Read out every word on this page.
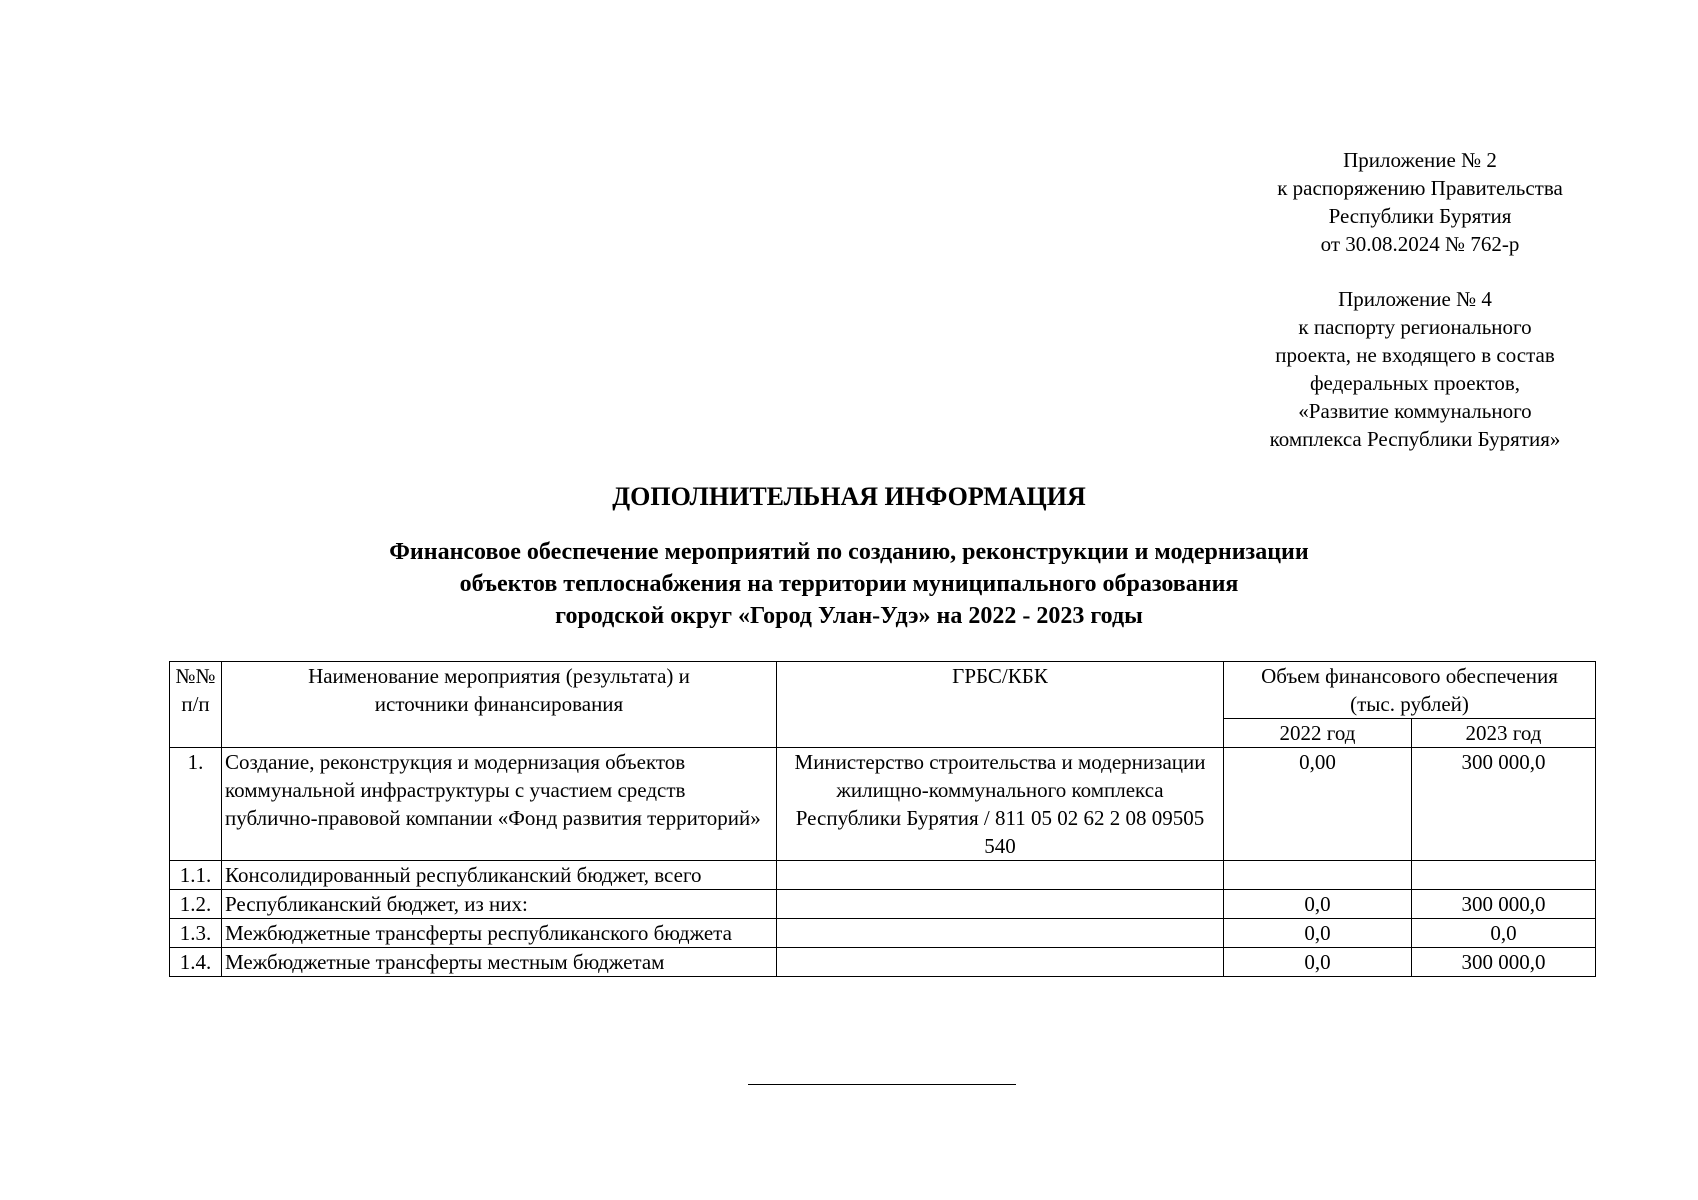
Приложение № 2
к распоряжению Правительства
Республики Бурятия
от 30.08.2024 № 762-р
Приложение № 4
к паспорту регионального
проекта, не входящего в состав
федеральных проектов,
«Развитие коммунального
комплекса Республики Бурятия»
ДОПОЛНИТЕЛЬНАЯ ИНФОРМАЦИЯ
Финансовое обеспечение мероприятий по созданию, реконструкции и модернизации
объектов теплоснабжения на территории муниципального образования
городской округ «Город Улан-Удэ» на 2022 - 2023 годы
№№ п/п	Наименование мероприятия (результата) и источники финансирования	ГРБС/КБК	Объем финансового обеспечения (тыс. рублей)	
			2022 год	2023 год
1.	Создание, реконструкция и модернизация объектов коммунальной инфраструктуры с участием средств публично-правовой компании «Фонд развития территорий»	Министерство строительства и модернизации жилищно-коммунального комплекса Республики Бурятия / 811 05 02 62 2 08 09505 540	0,00	300 000,0
1.1.	Консолидированный республиканский бюджет, всего			
1.2.	Республиканский бюджет, из них:		0,0	300 000,0
1.3.	Межбюджетные трансферты республиканского бюджета		0,0	0,0
1.4.	Межбюджетные трансферты местным бюджетам		0,0	300 000,0
